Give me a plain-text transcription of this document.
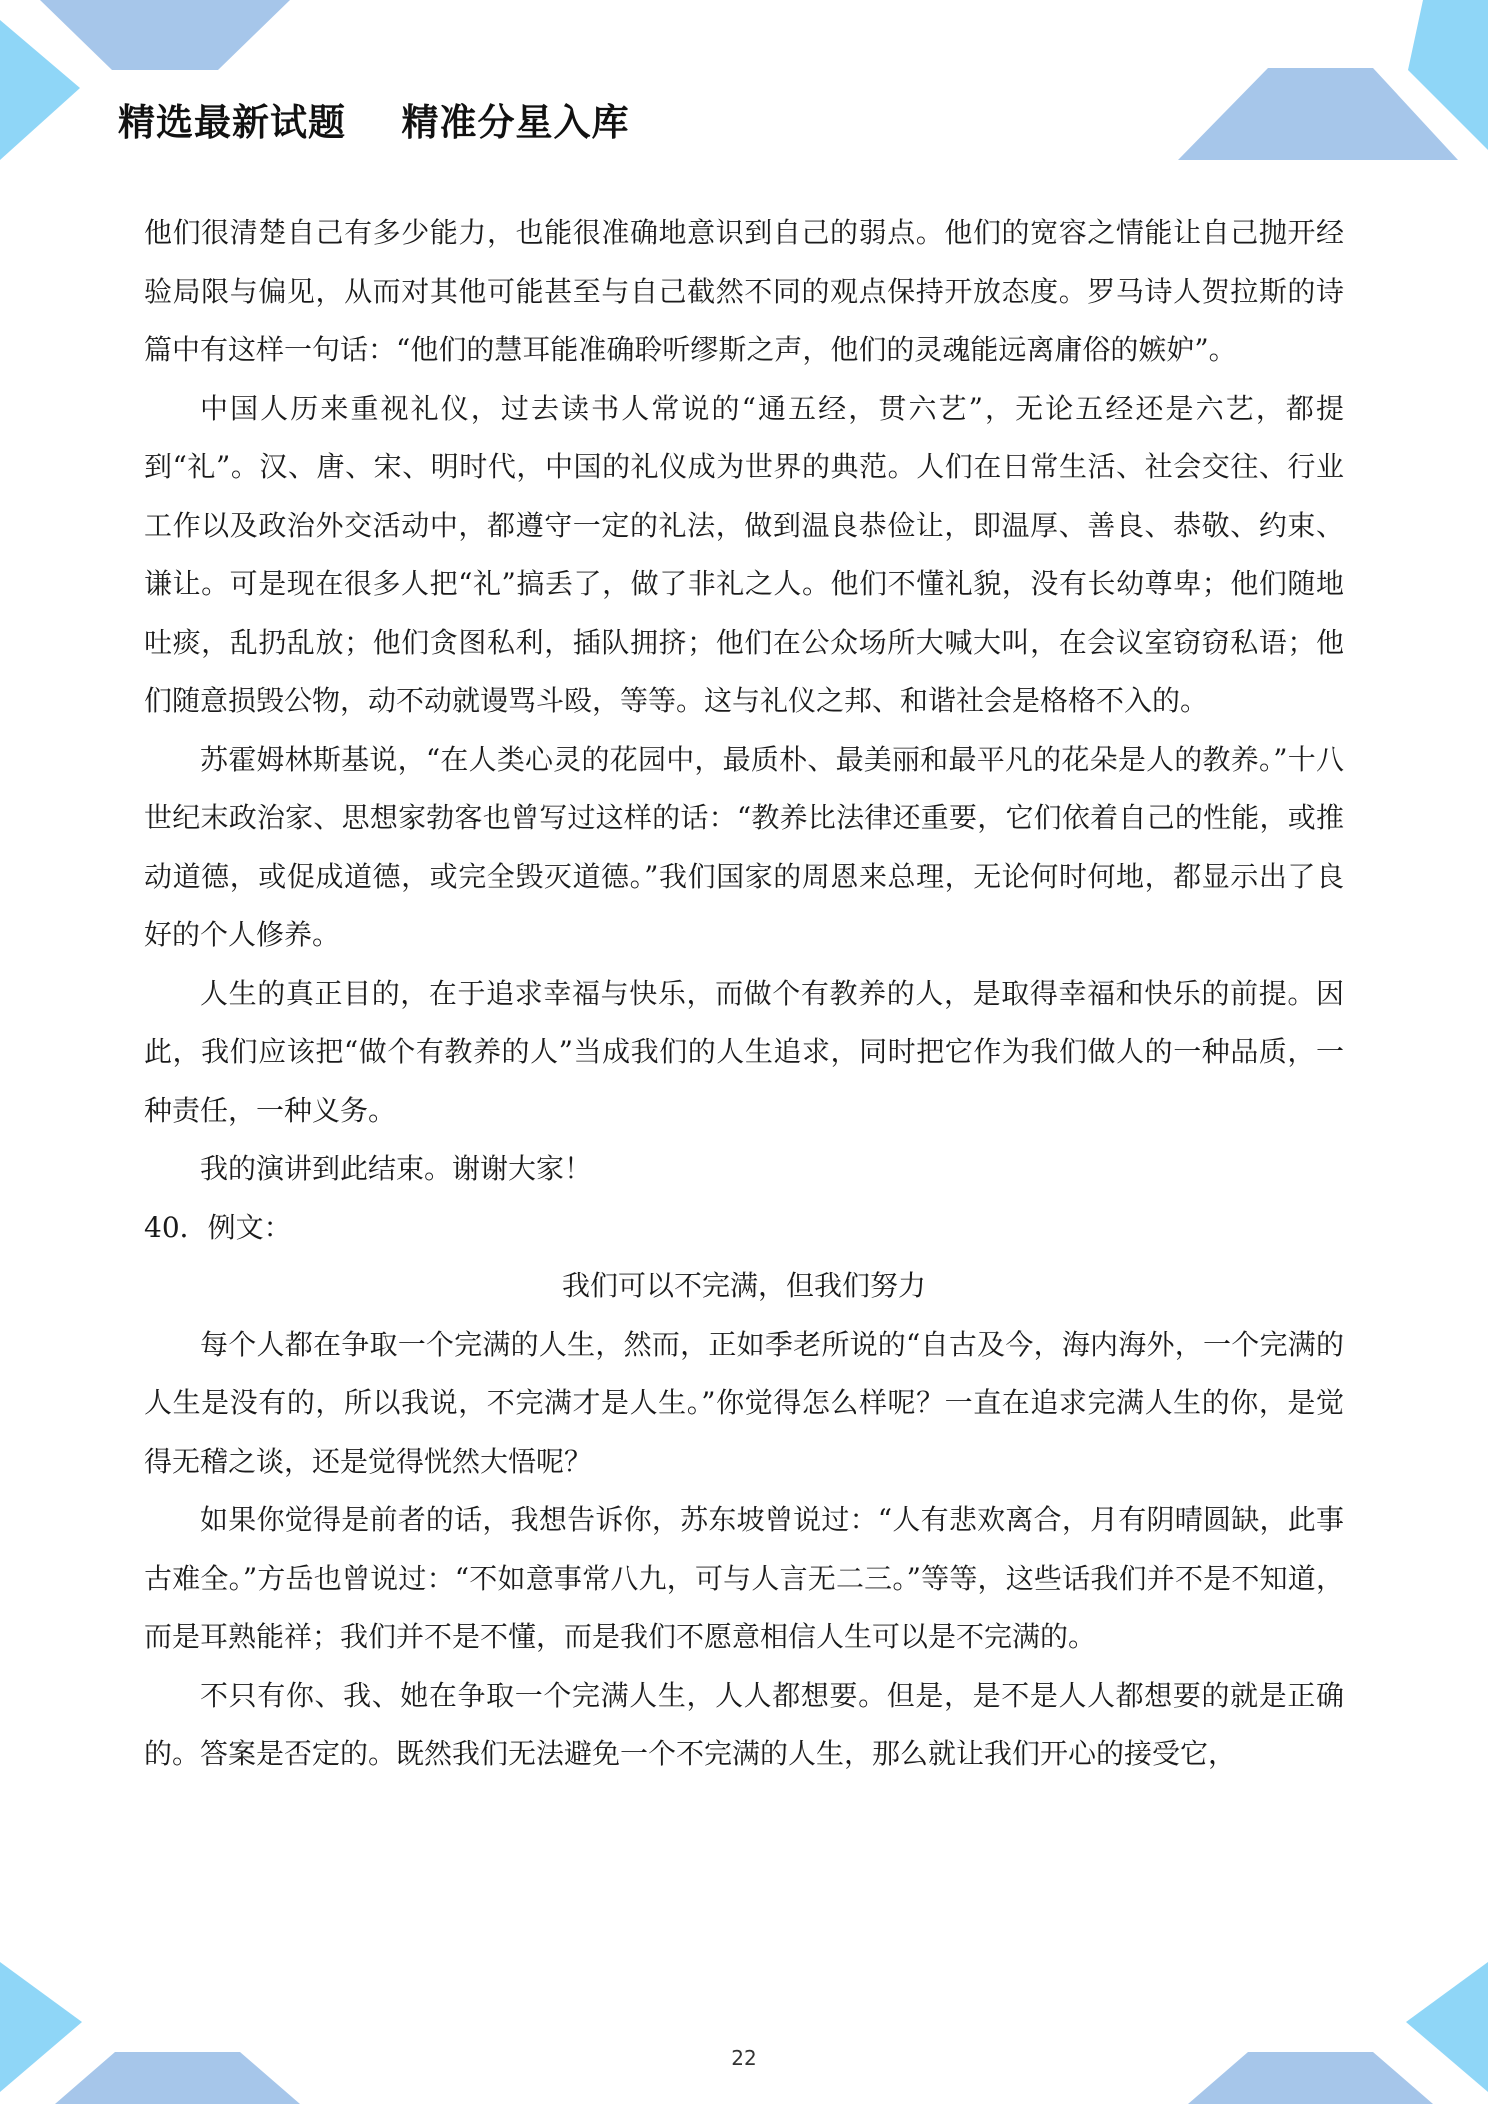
精选最新试题    精准分星入库

他们很清楚自己有多少能力，也能很准确地意识到自己的弱点。他们的宽容之情能让自己抛开经验局限与偏见，从而对其他可能甚至与自己截然不同的观点保持开放态度。罗马诗人贺拉斯的诗篇中有这样一句话：“他们的慧耳能准确聆听缪斯之声，他们的灵魂能远离庸俗的嫉妒”。

中国人历来重视礼仪，过去读书人常说的“通五经，贯六艺”，无论五经还是六艺，都提到“礼”。汉、唐、宋、明时代，中国的礼仪成为世界的典范。人们在日常生活、社会交往、行业工作以及政治外交活动中，都遵守一定的礼法，做到温良恭俭让，即温厚、善良、恭敬、约束、谦让。可是现在很多人把“礼”搞丢了，做了非礼之人。他们不懂礼貌，没有长幼尊卑；他们随地吐痰，乱扔乱放；他们贪图私利，插队拥挤；他们在公众场所大喊大叫，在会议室窃窃私语；他们随意损毁公物，动不动就谩骂斗殴，等等。这与礼仪之邦、和谐社会是格格不入的。

苏霍姆林斯基说，“在人类心灵的花园中，最质朴、最美丽和最平凡的花朵是人的教养。”十八世纪末政治家、思想家勃客也曾写过这样的话：“教养比法律还重要，它们依着自己的性能，或推动道德，或促成道德，或完全毁灭道德。”我们国家的周恩来总理，无论何时何地，都显示出了良好的个人修养。

人生的真正目的，在于追求幸福与快乐，而做个有教养的人，是取得幸福和快乐的前提。因此，我们应该把“做个有教养的人”当成我们的人生追求，同时把它作为我们做人的一种品质，一种责任，一种义务。

我的演讲到此结束。谢谢大家！

40．例文：

我们可以不完满，但我们努力

每个人都在争取一个完满的人生，然而，正如季老所说的“自古及今，海内海外，一个完满的人生是没有的，所以我说，不完满才是人生。”你觉得怎么样呢？一直在追求完满人生的你，是觉得无稽之谈，还是觉得恍然大悟呢？

如果你觉得是前者的话，我想告诉你，苏东坡曾说过：“人有悲欢离合，月有阴晴圆缺，此事古难全。”方岳也曾说过：“不如意事常八九，可与人言无二三。”等等，这些话我们并不是不知道，而是耳熟能祥；我们并不是不懂，而是我们不愿意相信人生可以是不完满的。

不只有你、我、她在争取一个完满人生，人人都想要。但是，是不是人人都想要的就是正确的。答案是否定的。既然我们无法避免一个不完满的人生，那么就让我们开心的接受它，

22
